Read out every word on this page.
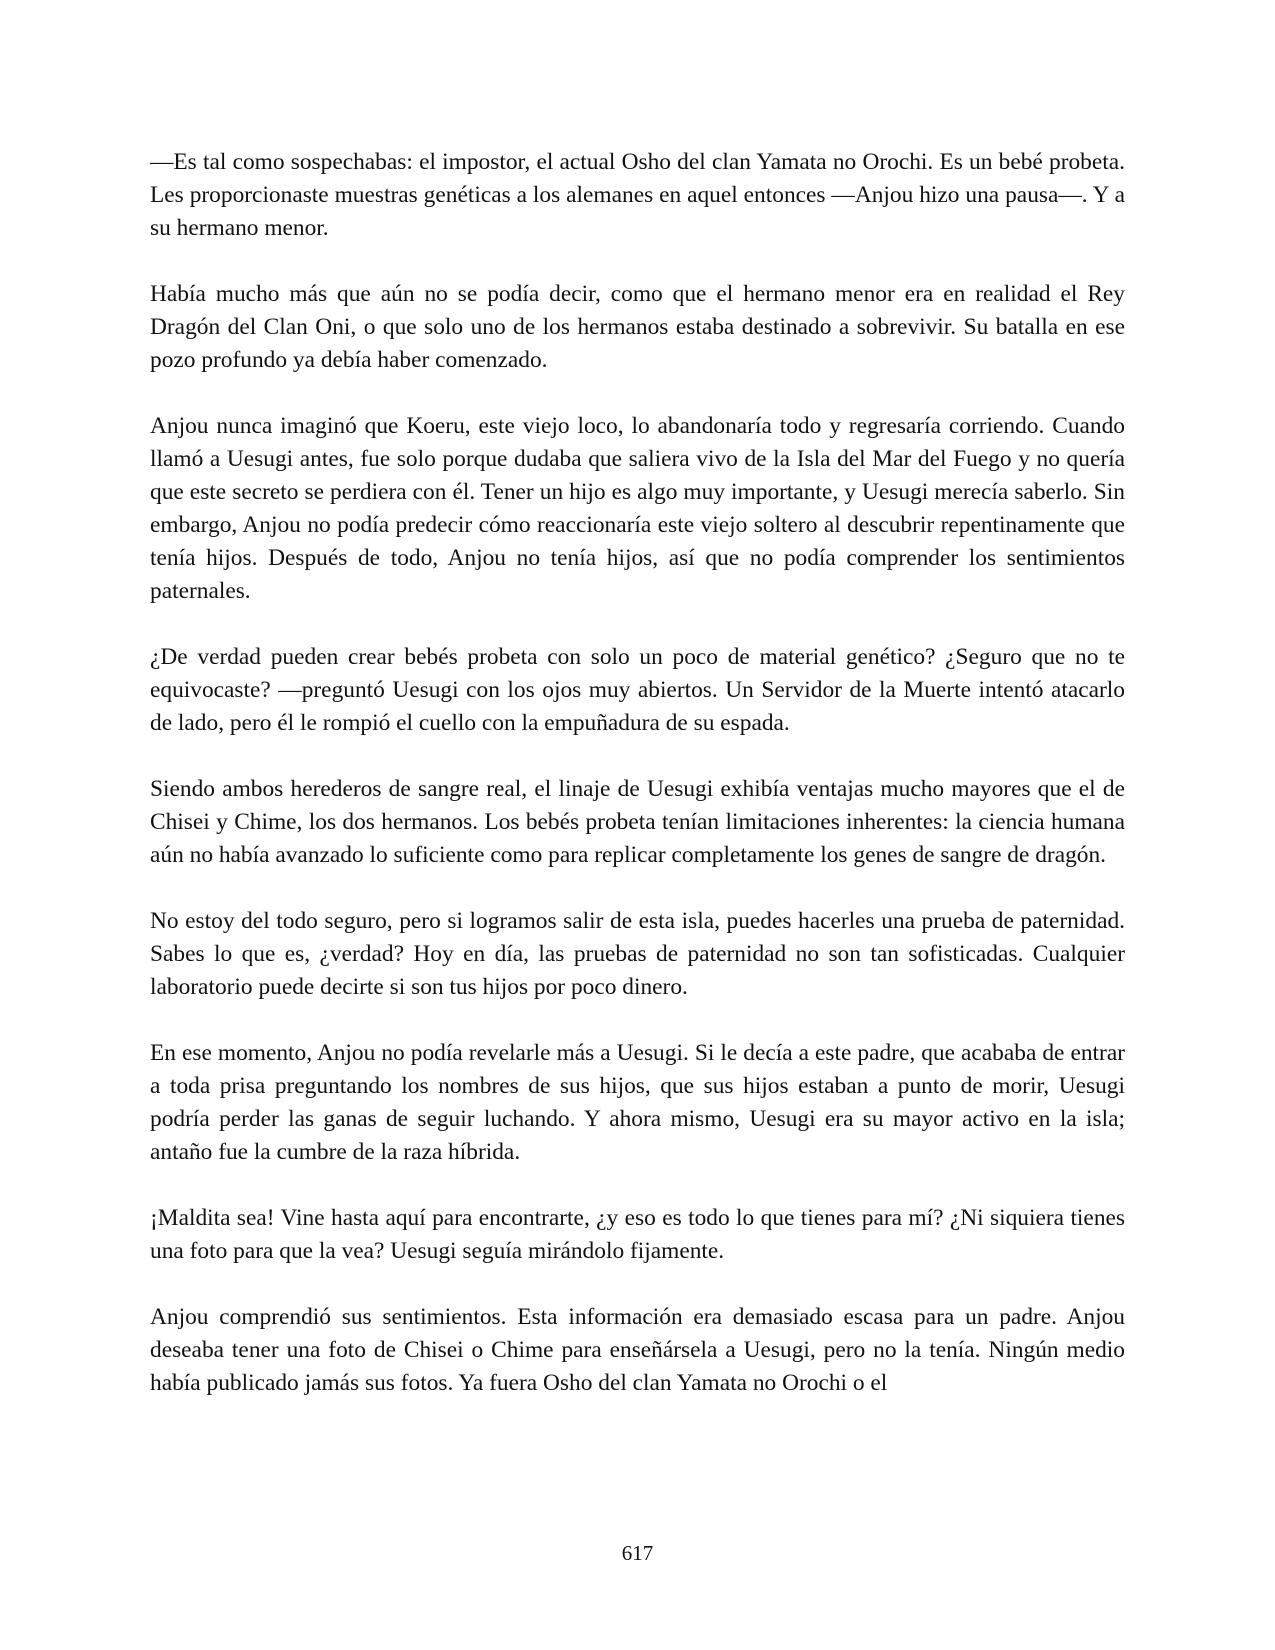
—Es tal como sospechabas: el impostor, el actual Osho del clan Yamata no Orochi. Es un bebé probeta. Les proporcionaste muestras genéticas a los alemanes en aquel entonces —Anjou hizo una pausa—. Y a su hermano menor.

Había mucho más que aún no se podía decir, como que el hermano menor era en realidad el Rey Dragón del Clan Oni, o que solo uno de los hermanos estaba destinado a sobrevivir. Su batalla en ese pozo profundo ya debía haber comenzado.

Anjou nunca imaginó que Koeru, este viejo loco, lo abandonaría todo y regresaría corriendo. Cuando llamó a Uesugi antes, fue solo porque dudaba que saliera vivo de la Isla del Mar del Fuego y no quería que este secreto se perdiera con él. Tener un hijo es algo muy importante, y Uesugi merecía saberlo. Sin embargo, Anjou no podía predecir cómo reaccionaría este viejo soltero al descubrir repentinamente que tenía hijos. Después de todo, Anjou no tenía hijos, así que no podía comprender los sentimientos paternales.

¿De verdad pueden crear bebés probeta con solo un poco de material genético? ¿Seguro que no te equivocaste? —preguntó Uesugi con los ojos muy abiertos. Un Servidor de la Muerte intentó atacarlo de lado, pero él le rompió el cuello con la empuñadura de su espada.

Siendo ambos herederos de sangre real, el linaje de Uesugi exhibía ventajas mucho mayores que el de Chisei y Chime, los dos hermanos. Los bebés probeta tenían limitaciones inherentes: la ciencia humana aún no había avanzado lo suficiente como para replicar completamente los genes de sangre de dragón.

No estoy del todo seguro, pero si logramos salir de esta isla, puedes hacerles una prueba de paternidad. Sabes lo que es, ¿verdad? Hoy en día, las pruebas de paternidad no son tan sofisticadas. Cualquier laboratorio puede decirte si son tus hijos por poco dinero.

En ese momento, Anjou no podía revelarle más a Uesugi. Si le decía a este padre, que acababa de entrar a toda prisa preguntando los nombres de sus hijos, que sus hijos estaban a punto de morir, Uesugi podría perder las ganas de seguir luchando. Y ahora mismo, Uesugi era su mayor activo en la isla; antaño fue la cumbre de la raza híbrida.

¡Maldita sea! Vine hasta aquí para encontrarte, ¿y eso es todo lo que tienes para mí? ¿Ni siquiera tienes una foto para que la vea? Uesugi seguía mirándolo fijamente.

Anjou comprendió sus sentimientos. Esta información era demasiado escasa para un padre. Anjou deseaba tener una foto de Chisei o Chime para enseñársela a Uesugi, pero no la tenía. Ningún medio había publicado jamás sus fotos. Ya fuera Osho del clan Yamata no Orochi o el

617
